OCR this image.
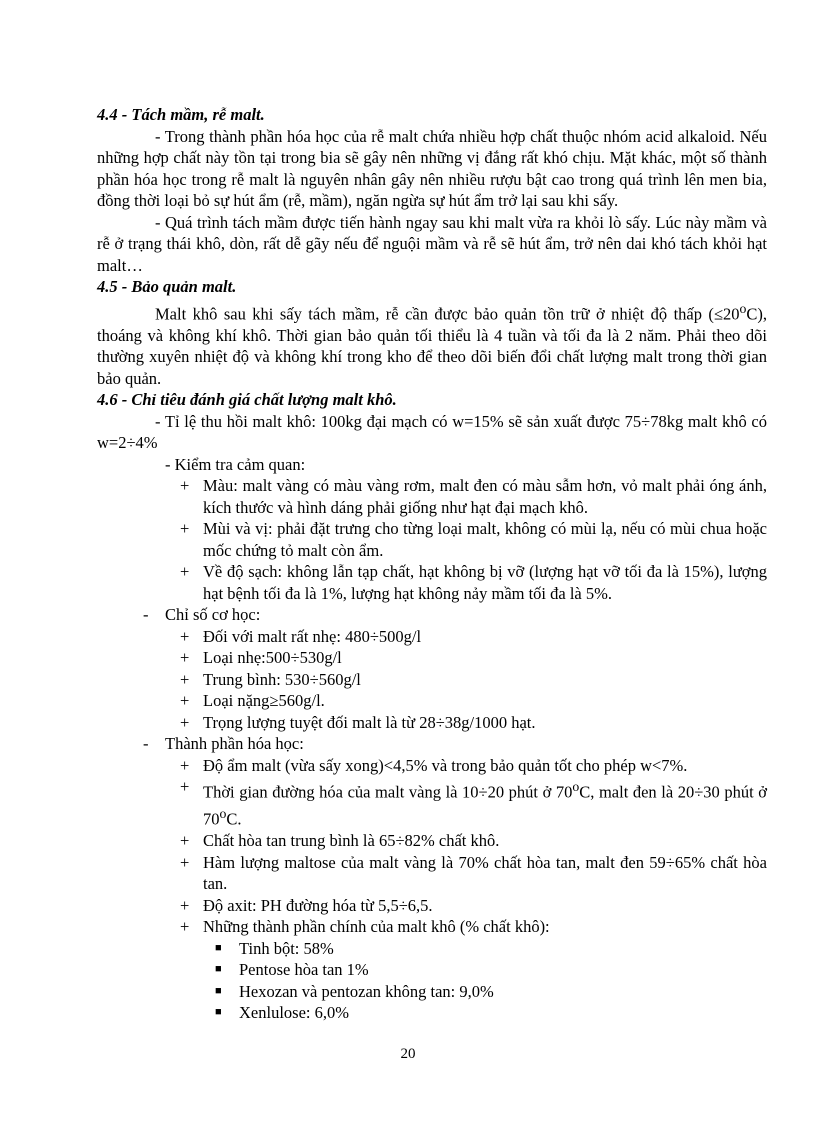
4.4 - Tách mầm, rễ malt.
- Trong thành phần hóa học của rễ malt chứa nhiều hợp chất thuộc nhóm acid alkaloid. Nếu những hợp chất này tồn tại trong bia sẽ gây nên những vị đắng rất khó chịu. Mặt khác, một số thành phần hóa học trong rễ malt là nguyên nhân gây nên nhiều rượu bật cao trong quá trình lên men bia, đồng thời loại bỏ sự hút ẩm (rễ, mầm), ngăn ngừa sự hút ẩm trở lại sau khi sấy.
- Quá trình tách mầm được tiến hành ngay sau khi malt vừa ra khỏi lò sấy. Lúc này mầm và rễ ở trạng thái khô, dòn, rất dễ gãy nếu để nguội mầm và rễ sẽ hút ẩm, trở nên dai khó tách khỏi hạt malt…
4.5 - Bảo quản malt.
Malt khô sau khi sấy tách mầm, rễ cần được bảo quản tồn trữ ở nhiệt độ thấp $(\le 20^oC)$, thoáng và không khí khô. Thời gian bảo quản tối thiểu là 4 tuần và tối đa là 2 năm. Phải theo dõi thường xuyên nhiệt độ và không khí trong kho để theo dõi biến đổi chất lượng malt trong thời gian bảo quản.
4.6 - Chỉ tiêu đánh giá chất lượng malt khô.
- Tỉ lệ thu hồi malt khô: 100kg đại mạch có w=15% sẽ sản xuất được 75÷78kg malt khô có w=2÷4%
- Kiểm tra cảm quan:
+ Màu: malt vàng có màu vàng rơm, malt đen có màu sẫm hơn, vỏ malt phải óng ánh, kích thước và hình dáng phải giống như hạt đại mạch khô.
+ Mùi và vị: phải đặt trưng cho từng loại malt, không có mùi lạ, nếu có mùi chua hoặc mốc chứng tỏ malt còn ẩm.
+ Về độ sạch: không lẫn tạp chất, hạt không bị vỡ (lượng hạt vỡ tối đa là 15%), lượng hạt bệnh tối đa là 1%, lượng hạt không nảy mầm tối đa là 5%.
- Chỉ số cơ học:
+ Đối với malt rất nhẹ: 480÷500g/l
+ Loại nhẹ:500÷530g/l
+ Trung bình: 530÷560g/l
+ Loại nặng≥560g/l.
+ Trọng lượng tuyệt đối malt là từ 28÷38g/1000 hạt.
- Thành phần hóa học:
+ Độ ẩm malt (vừa sấy xong)<4,5% và trong bảo quản tốt cho phép w<7%.
+ Thời gian đường hóa của malt vàng là 10÷20 phút ở 70$^o$C, malt đen là 20÷30 phút ở $70^oC$.
+ Chất hòa tan trung bình là 65÷82% chất khô.
+ Hàm lượng maltose của malt vàng là 70% chất hòa tan, malt đen 59÷65% chất hòa tan.
+ Độ axit: PH đường hóa từ 5,5÷6,5.
+ Những thành phần chính của malt khô (% chất khô):
■ Tinh bột: 58%
■ Pentose hòa tan 1%
■ Hexozan và pentozan không tan: 9,0%
■ Xenlulose: 6,0%
20
